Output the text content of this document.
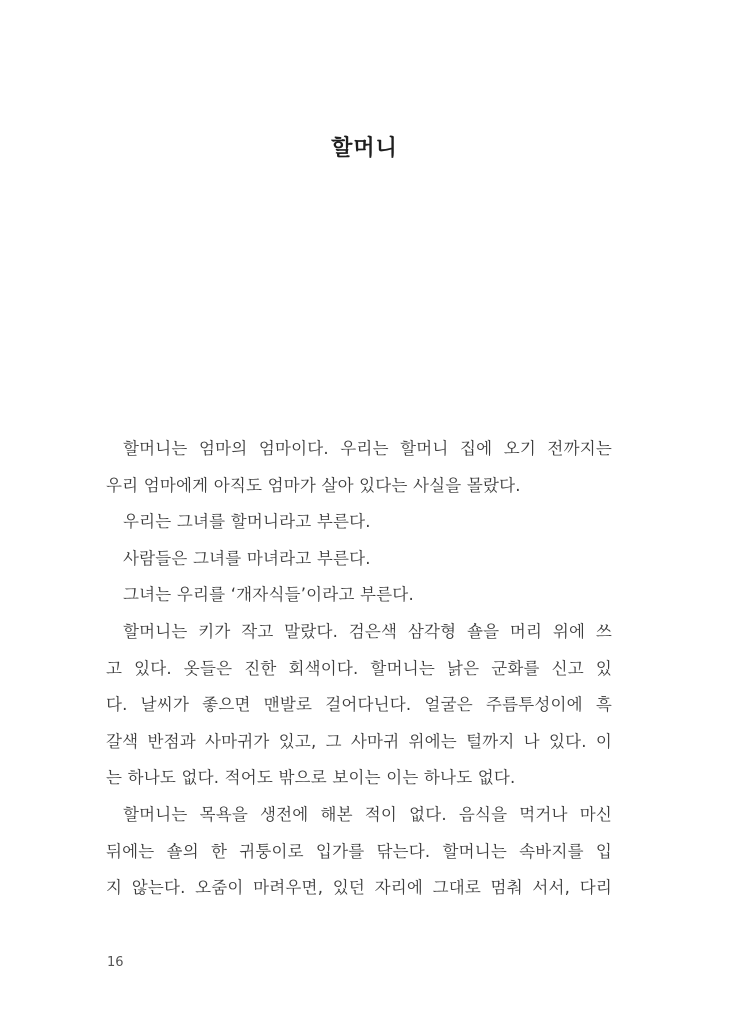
할머니
할머니는 엄마의 엄마이다. 우리는 할머니 집에 오기 전까지는
우리 엄마에게 아직도 엄마가 살아 있다는 사실을 몰랐다.
우리는 그녀를 할머니라고 부른다.
사람들은 그녀를 마녀라고 부른다.
그녀는 우리를 ‘개자식들’이라고 부른다.
할머니는 키가 작고 말랐다. 검은색 삼각형 숄을 머리 위에 쓰
고 있다. 옷들은 진한 회색이다. 할머니는 낡은 군화를 신고 있
다. 날씨가 좋으면 맨발로 걸어다닌다. 얼굴은 주름투성이에 흑
갈색 반점과 사마귀가 있고, 그 사마귀 위에는 털까지 나 있다. 이
는 하나도 없다. 적어도 밖으로 보이는 이는 하나도 없다.
할머니는 목욕을 생전에 해본 적이 없다. 음식을 먹거나 마신
뒤에는 숄의 한 귀퉁이로 입가를 닦는다. 할머니는 속바지를 입
지 않는다. 오줌이 마려우면, 있던 자리에 그대로 멈춰 서서, 다리
16
